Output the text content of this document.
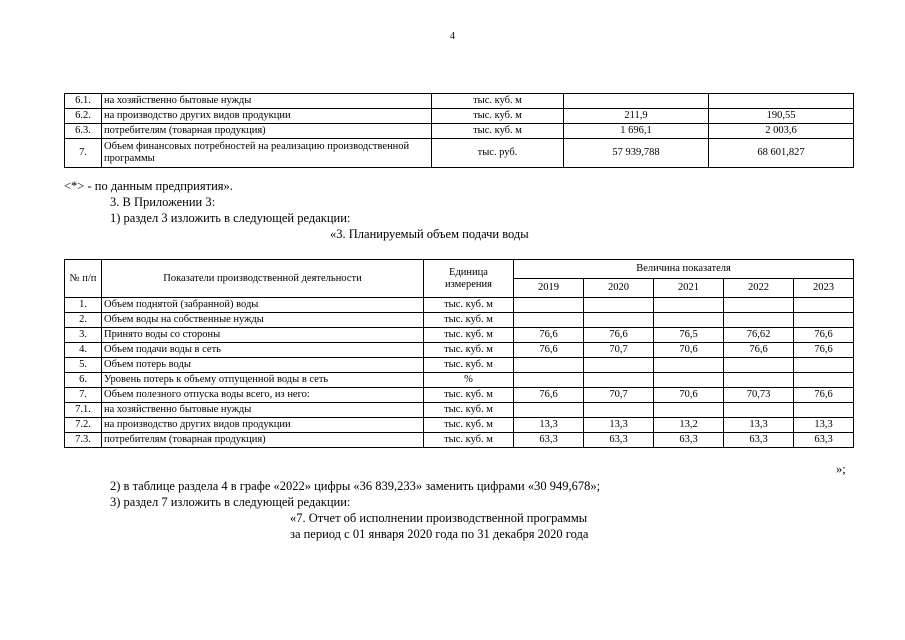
4
6.1.	на хозяйственно бытовые нужды	тыс. куб. м		
6.2.	на производство других видов продукции	тыс. куб. м	211,9	190,55
6.3.	потребителям (товарная продукция)	тыс. куб. м	1 696,1	2 003,6
7.	Объем финансовых потребностей на реализацию производственной программы	тыс. руб.	57 939,788	68 601,827
<*> - по данным предприятия».
3. В Приложении 3:
1) раздел 3 изложить в следующей редакции:
«3. Планируемый объем подачи воды
№ п/п	Показатели производственной деятельности	Единица измерения	Величина показателя				
			2019	2020	2021	2022	2023
1.	Объем поднятой (забранной) воды	тыс. куб. м					
2.	Объем воды на собственные нужды	тыс. куб. м					
3.	Принято воды со стороны	тыс. куб. м	76,6	76,6	76,5	76,62	76,6
4.	Объем подачи воды в сеть	тыс. куб. м	76,6	70,7	70,6	76,6	76,6
5.	Объем потерь воды	тыс. куб. м					
6.	Уровень потерь к объему отпущенной воды в сеть	%					
7.	Объем полезного отпуска воды всего, из него:	тыс. куб. м	76,6	70,7	70,6	70,73	76,6
7.1.	на хозяйственно бытовые нужды	тыс. куб. м					
7.2.	на производство других видов продукции	тыс. куб. м	13,3	13,3	13,2	13,3	13,3
7.3.	потребителям (товарная продукция)	тыс. куб. м	63,3	63,3	63,3	63,3	63,3
»;
2) в таблице раздела 4 в графе «2022» цифры «36 839,233» заменить цифрами «30 949,678»;
3) раздел 7 изложить в следующей редакции:
«7. Отчет об исполнении производственной программы
за период с 01 января 2020 года по 31 декабря 2020 года
